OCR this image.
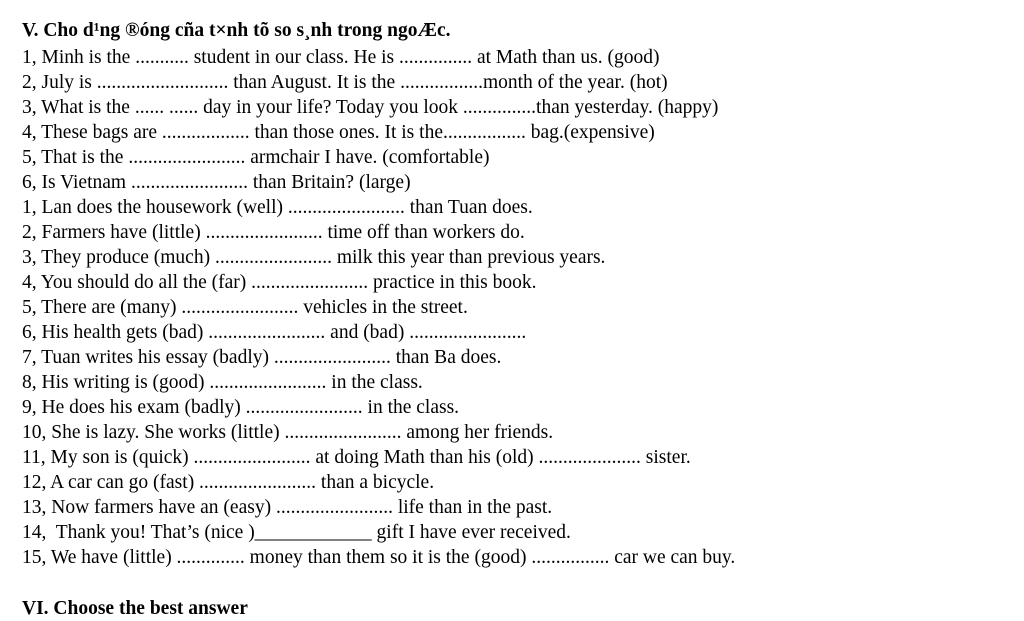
V. Cho d¹ng ®óng cña t×nh tõ so s¸nh trong ngoÆc.
1, Minh is the ........... student in our class. He is ............... at Math than us. (good)
2, July is ........................... than August. It is the .................month of the year. (hot)
3, What is the ...... ...... day in your life? Today you look ...............than yesterday. (happy)
4, These bags are .................. than those ones. It is the................. bag.(expensive)
5, That is the ........................ armchair I have. (comfortable)
6, Is Vietnam ........................ than Britain? (large)
1, Lan does the housework (well) ........................ than Tuan does.
2, Farmers have (little) ........................ time off than workers do.
3, They produce (much) ........................ milk this year than previous years.
4, You should do all the (far) ........................ practice in this book.
5, There are (many) ........................ vehicles in the street.
6, His health gets (bad) ........................ and (bad) ........................
7, Tuan writes his essay (badly) ........................ than Ba does.
8, His writing is (good) ........................ in the class.
9, He does his exam (badly) ........................ in the class.
10, She is lazy. She works (little) ........................ among her friends.
11, My son is (quick) ........................ at doing Math than his (old) ..................... sister.
12, A car can go (fast) ........................ than a bicycle.
13, Now farmers have an (easy) ........................ life than in the past.
14,  Thank you! That’s (nice )____________ gift I have ever received.
15, We have (little) .............. money than them so it is the (good) ................ car we can buy.
VI. Choose the best answer
